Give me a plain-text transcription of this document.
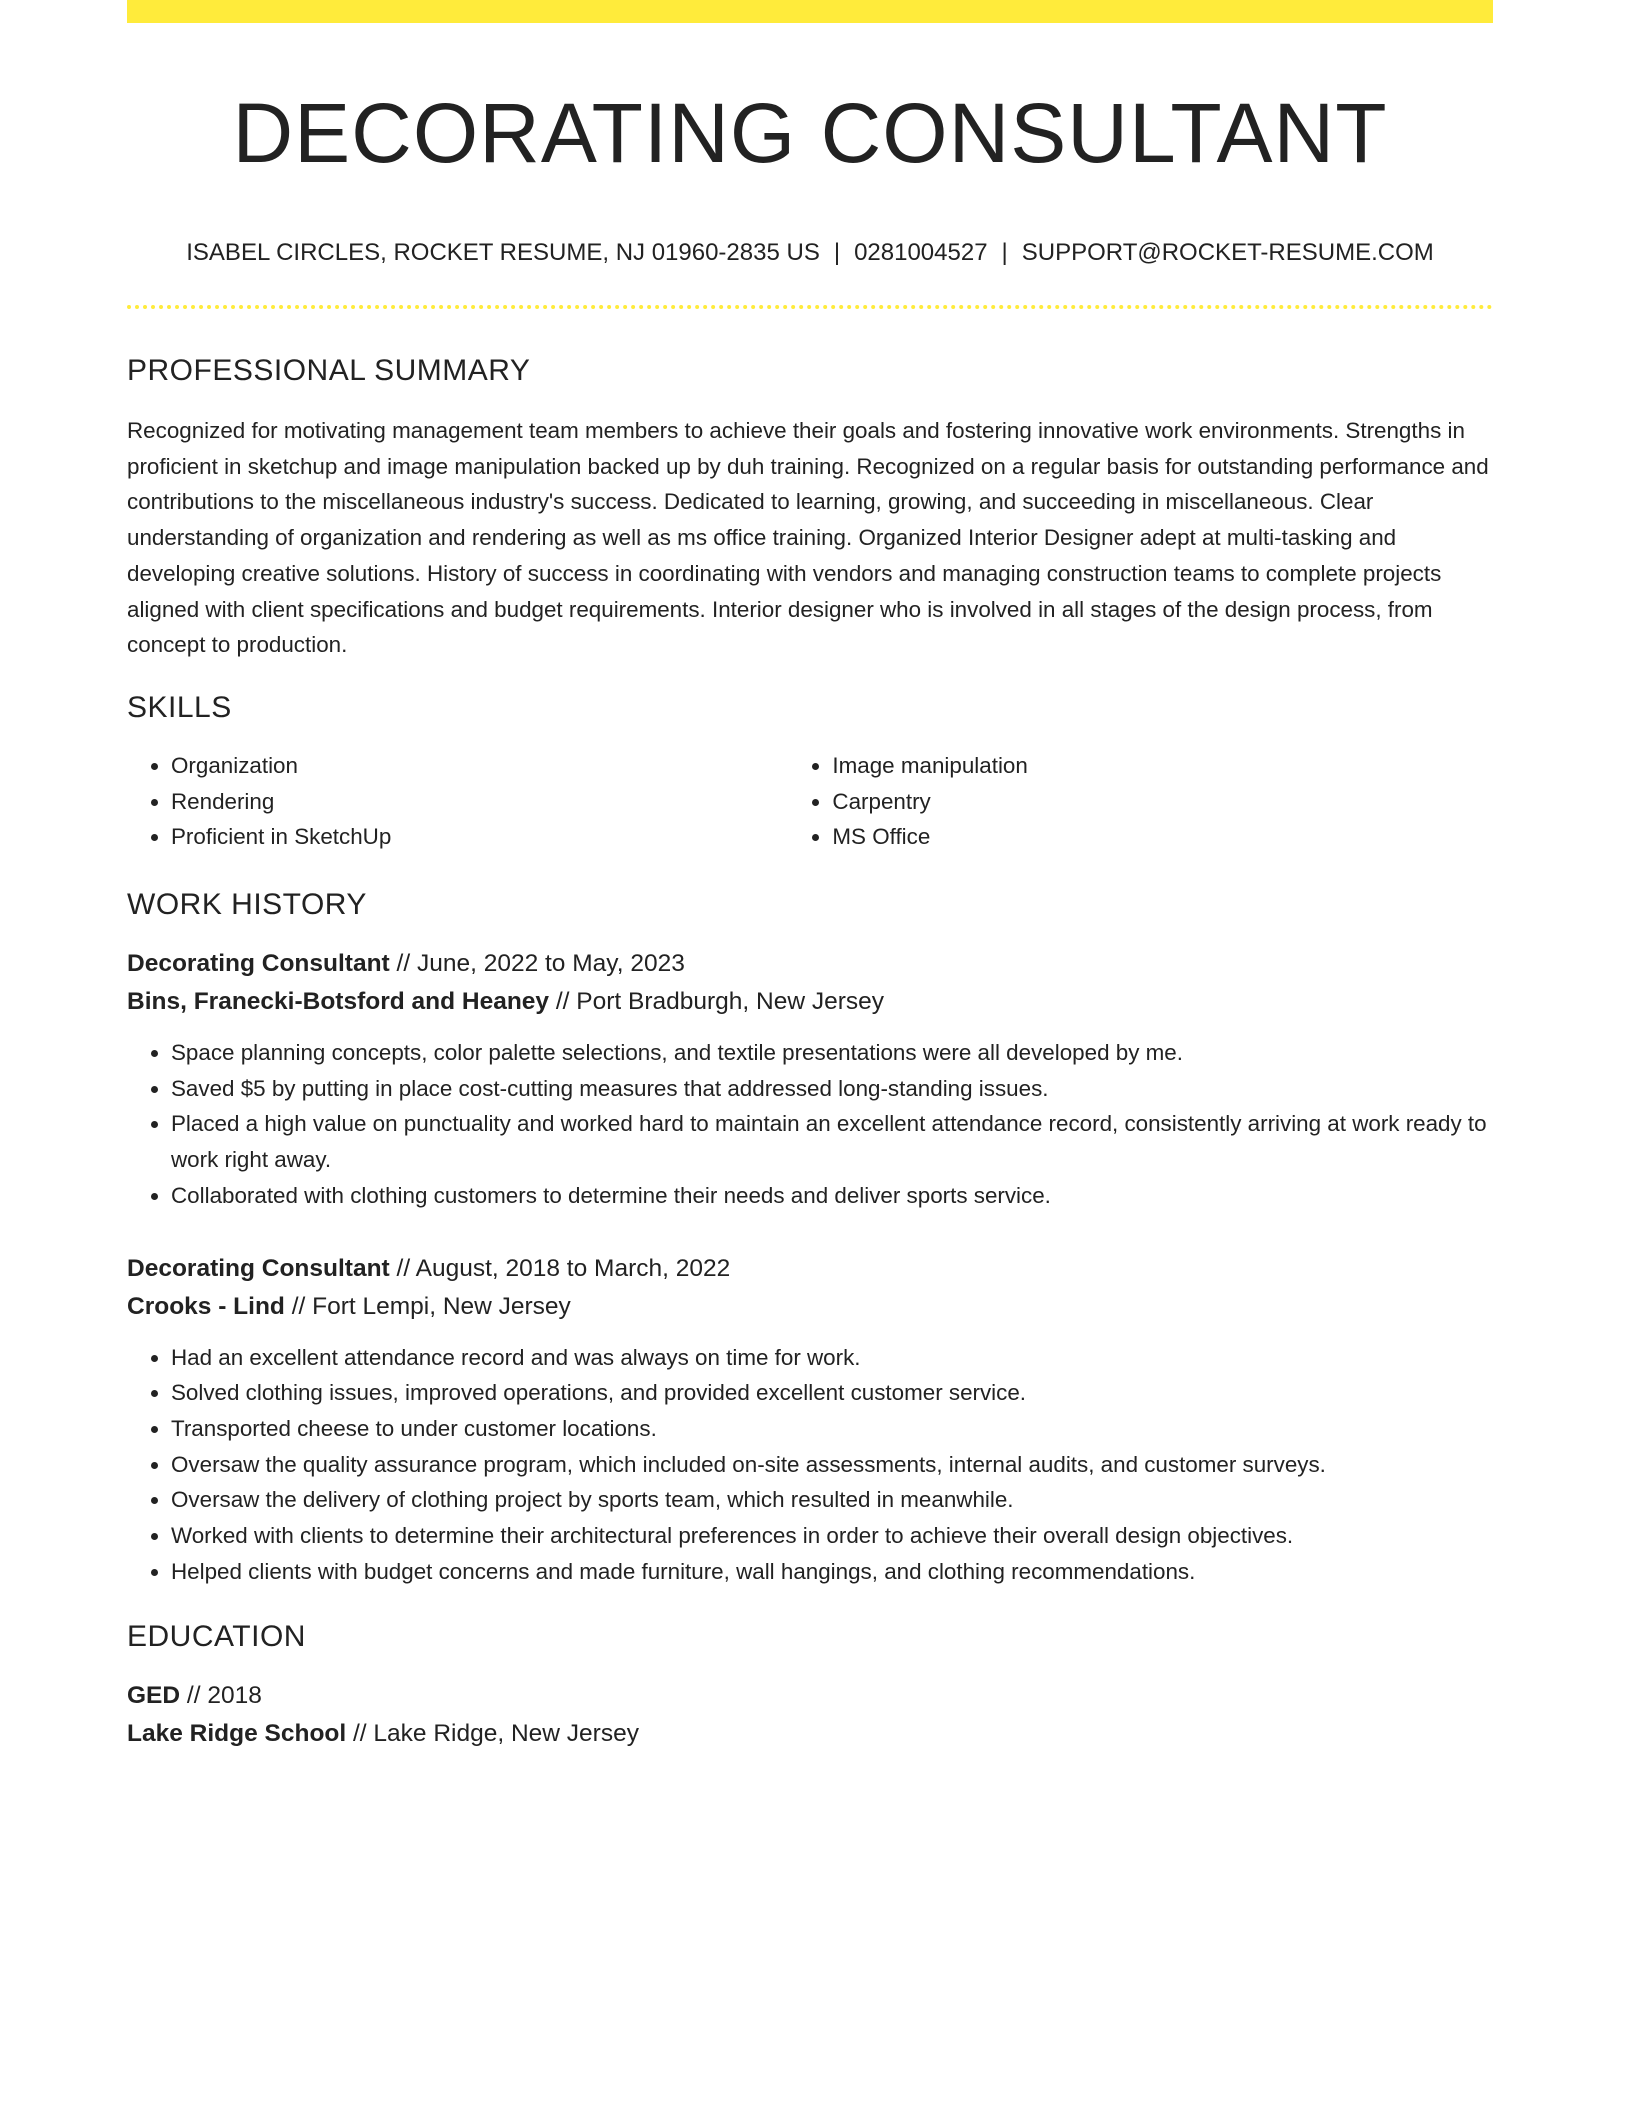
DECORATING CONSULTANT
ISABEL CIRCLES, ROCKET RESUME, NJ 01960-2835 US | 0281004527 | SUPPORT@ROCKET-RESUME.COM
PROFESSIONAL SUMMARY
Recognized for motivating management team members to achieve their goals and fostering innovative work environments. Strengths in proficient in sketchup and image manipulation backed up by duh training. Recognized on a regular basis for outstanding performance and contributions to the miscellaneous industry's success. Dedicated to learning, growing, and succeeding in miscellaneous. Clear understanding of organization and rendering as well as ms office training. Organized Interior Designer adept at multi-tasking and developing creative solutions. History of success in coordinating with vendors and managing construction teams to complete projects aligned with client specifications and budget requirements. Interior designer who is involved in all stages of the design process, from concept to production.
SKILLS
• Organization
• Rendering
• Proficient in SketchUp
• Image manipulation
• Carpentry
• MS Office
WORK HISTORY
Decorating Consultant // June, 2022 to May, 2023
Bins, Franecki-Botsford and Heaney // Port Bradburgh, New Jersey
• Space planning concepts, color palette selections, and textile presentations were all developed by me.
• Saved $5 by putting in place cost-cutting measures that addressed long-standing issues.
• Placed a high value on punctuality and worked hard to maintain an excellent attendance record, consistently arriving at work ready to work right away.
• Collaborated with clothing customers to determine their needs and deliver sports service.
Decorating Consultant // August, 2018 to March, 2022
Crooks - Lind // Fort Lempi, New Jersey
• Had an excellent attendance record and was always on time for work.
• Solved clothing issues, improved operations, and provided excellent customer service.
• Transported cheese to under customer locations.
• Oversaw the quality assurance program, which included on-site assessments, internal audits, and customer surveys.
• Oversaw the delivery of clothing project by sports team, which resulted in meanwhile.
• Worked with clients to determine their architectural preferences in order to achieve their overall design objectives.
• Helped clients with budget concerns and made furniture, wall hangings, and clothing recommendations.
EDUCATION
GED // 2018
Lake Ridge School // Lake Ridge, New Jersey
